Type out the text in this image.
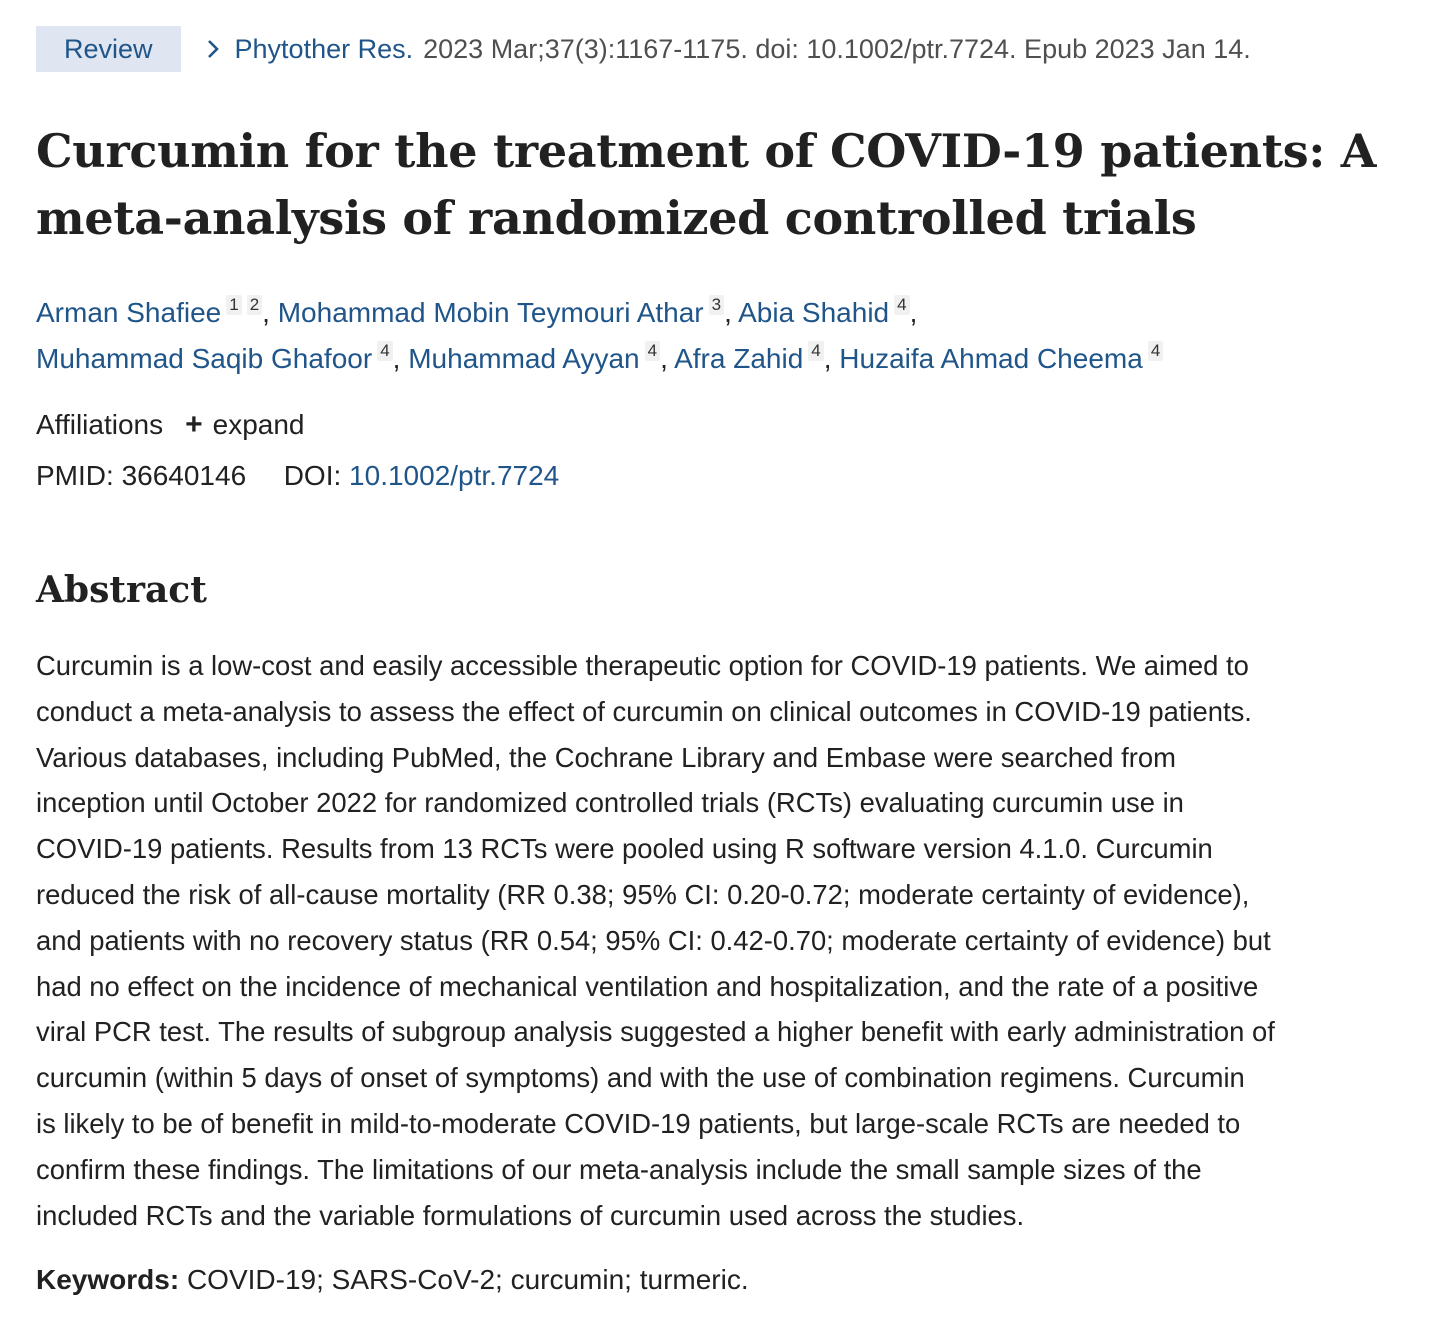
Review	Phytother Res. 2023 Mar;37(3):1167-1175. doi: 10.1002/ptr.7724. Epub 2023 Jan 14.
Curcumin for the treatment of COVID-19 patients: A
meta-analysis of randomized controlled trials
Arman Shafiee $^1$ $^2$ , Mohammad Mobin Teymouri Athar $^3$ , Abia Shahid $^4$ ,
Muhammad Saqib Ghafoor $^4$ , Muhammad Ayyan $^4$ , Afra Zahid $^4$ , Huzaifa Ahmad Cheema $^4$
Affiliations + expand
PMID: 36640146 DOI: 10.1002/ptr.7724
Abstract

Curcumin is a low-cost and easily accessible therapeutic option for COVID-19 patients. We aimed to
conduct a meta-analysis to assess the effect of curcumin on clinical outcomes in COVID-19 patients.
Various databases, including PubMed, the Cochrane Library and Embase were searched from
inception until October 2022 for randomized controlled trials (RCTs) evaluating curcumin use in
COVID-19 patients. Results from 13 RCTs were pooled using R software version 4.1.0. Curcumin
reduced the risk of all-cause mortality (RR 0.38; 95% CI: 0.20-0.72; moderate certainty of evidence),
and patients with no recovery status (RR 0.54; 95% CI: 0.42-0.70; moderate certainty of evidence) but
had no effect on the incidence of mechanical ventilation and hospitalization, and the rate of a positive
viral PCR test. The results of subgroup analysis suggested a higher benefit with early administration of
curcumin (within 5 days of onset of symptoms) and with the use of combination regimens. Curcumin
is likely to be of benefit in mild-to-moderate COVID-19 patients, but large-scale RCTs are needed to
confirm these findings. The limitations of our meta-analysis include the small sample sizes of the
included RCTs and the variable formulations of curcumin used across the studies.

Keywords: COVID-19; SARS-CoV-2; curcumin; turmeric.
